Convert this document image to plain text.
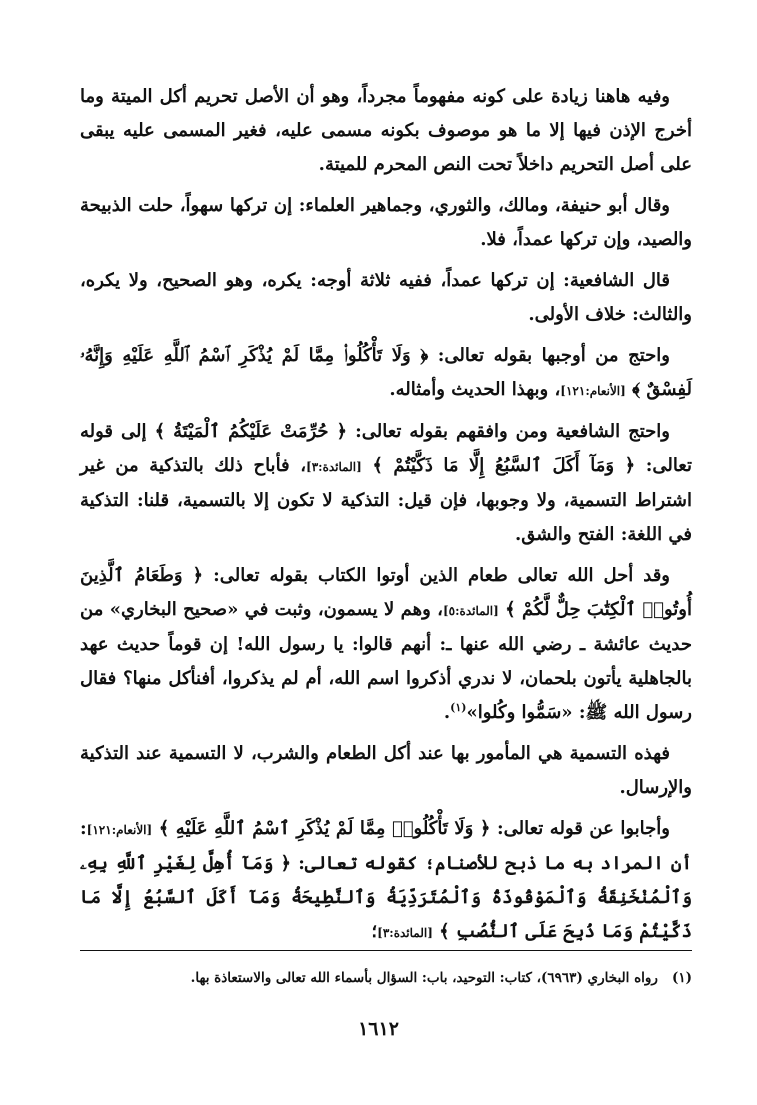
وفيه هاهنا زيادة على كونه مفهوماً مجرداً، وهو أن الأصل تحريم أكل الميتة وما أخرج الإذن فيها إلا ما هو موصوف بكونه مسمى عليه، فغير المسمى عليه يبقى على أصل التحريم داخلاً تحت النص المحرم للميتة.

وقال أبو حنيفة، ومالك، والثوري، وجماهير العلماء: إن تركها سهواً، حلت الذبيحة والصيد، وإن تركها عمداً، فلا.

قال الشافعية: إن تركها عمداً، ففيه ثلاثة أوجه: يكره، وهو الصحيح، ولا يكره، والثالث: خلاف الأولى.

واحتج من أوجبها بقوله تعالى: ﴿ وَلَا تَأْكُلُوا۟ مِمَّا لَمْ يُذْكَرِ ٱسْمُ ٱللَّهِ عَلَيْهِ وَإِنَّهُۥ لَفِسْقٌ ﴾ [الأنعام:١٢١]، وبهذا الحديث وأمثاله.

واحتج الشافعية ومن وافقهم بقوله تعالى: ﴿ حُرِّمَتْ عَلَيْكُمُ ٱلْمَيْتَةُ ﴾ إلى قوله تعالى: ﴿ وَمَآ أَكَلَ ٱلسَّبُعُ إِلَّا مَا ذَكَّيْتُمْ ﴾ [المائدة:٣]، فأباح ذلك بالتذكية من غير اشتراط التسمية، ولا وجوبها، فإن قيل: التذكية لا تكون إلا بالتسمية، قلنا: التذكية في اللغة: الفتح والشق.

وقد أحل الله تعالى طعام الذين أوتوا الكتاب بقوله تعالى: ﴿ وَطَعَامُ ٱلَّذِينَ أُوتُوا۟ ٱلْكِتَٰبَ حِلٌّ لَّكُمْ ﴾ [المائدة:٥]، وهم لا يسمون، وثبت في «صحيح البخاري» من حديث عائشة ـ رضي الله عنها ـ: أنهم قالوا: يا رسول الله! إن قوماً حديث عهد بالجاهلية يأتون بلحمان، لا ندري أذكروا اسم الله، أم لم يذكروا، أفنأكل منها؟ فقال رسول الله ﷺ: «سَمُّوا وكُلوا»$^{(١)}$.

فهذه التسمية هي المأمور بها عند أكل الطعام والشرب، لا التسمية عند التذكية والإرسال.

وأجابوا عن قوله تعالى: ﴿ وَلَا تَأْكُلُوا۟ مِمَّا لَمْ يُذْكَرِ ٱسْمُ ٱللَّهِ عَلَيْهِ ﴾ [الأنعام:١٢١]: أن المراد به ما ذبح للأصنام؛ كقوله تعالى: ﴿ وَمَآ أُهِلَّ لِغَيْرِ ٱللَّهِ بِهِۦ وَٱلْمُنْخَنِقَةُ وَٱلْمَوْقُوذَةُ وَٱلْمُتَرَدِّيَةُ وَٱلنَّطِيحَةُ وَمَآ أَكَلَ ٱلسَّبُعُ إِلَّا مَا ذَكَّيْتُمْ وَمَا ذُبِحَ عَلَى ٱلنُّصُبِ ﴾ [المائدة:٣]؛

(١)رواه البخاري (٦٩٦٣)، كتاب: التوحيد، باب: السؤال بأسماء الله تعالى والاستعاذة بها.
١٦١٢
